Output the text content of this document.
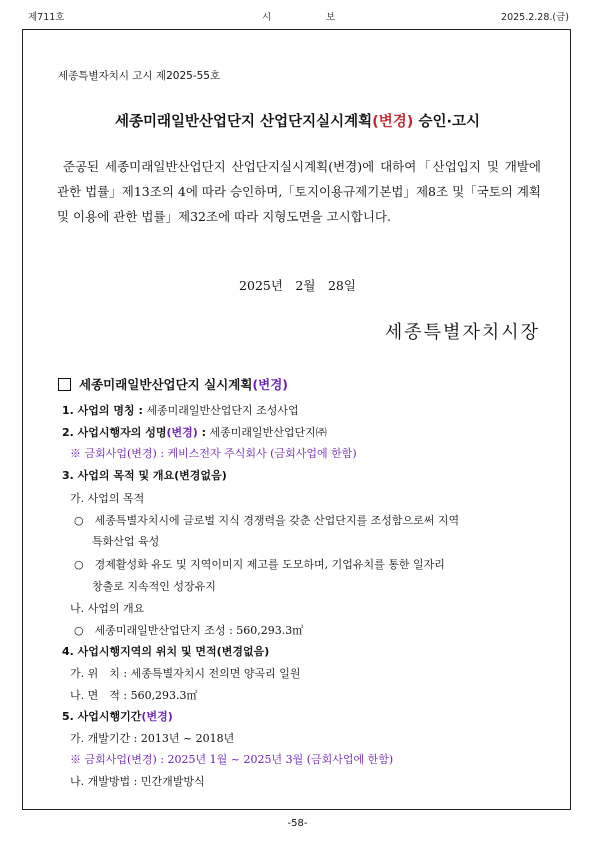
제711호	시	보	2025.2.28.(금)
세종특별자치시 고시 제2025-55호
세종미래일반산업단지 산업단지실시계획(변경) 승인·고시
준공된 세종미래일반산업단지 산업단지실시계획(변경)에 대하여「산업입지 및 개발에 관한 법률」제13조의 4에 따라 승인하며,「토지이용규제기본법」제8조 및「국토의 계획 및 이용에 관한 법률」제32조에 따라 지형도면을 고시합니다.
2025년　2월　28일
세종특별자치시장
세종미래일반산업단지 실시계획(변경)
1. 사업의 명칭 : 세종미래일반산업단지 조성사업
2. 사업시행자의 성명(변경) : 세종미래일반산업단지㈜
※ 금회사업(변경) : 케비스전자 주식회사 (금회사업에 한함)
3. 사업의 목적 및 개요(변경없음)
가. 사업의 목적
○　세종특별자치시에 글로벌 지식 경쟁력을 갖춘 산업단지를 조성함으로써 지역
특화산업 육성
○　경제활성화 유도 및 지역이미지 제고를 도모하며, 기업유치를 통한 일자리
창출로 지속적인 성장유지
나. 사업의 개요
○　세종미래일반산업단지 조성 : 560,293.3㎡
4. 사업시행지역의 위치 및 면적(변경없음)
가. 위　치 : 세종특별자치시 전의면 양곡리 일원
나. 면　적 : 560,293.3㎡
5. 사업시행기간(변경)
가. 개발기간 : 2013년 ~ 2018년
※ 금회사업(변경) : 2025년 1월 ~ 2025년 3월 (금회사업에 한함)
나. 개발방법 : 민간개발방식
-58-
